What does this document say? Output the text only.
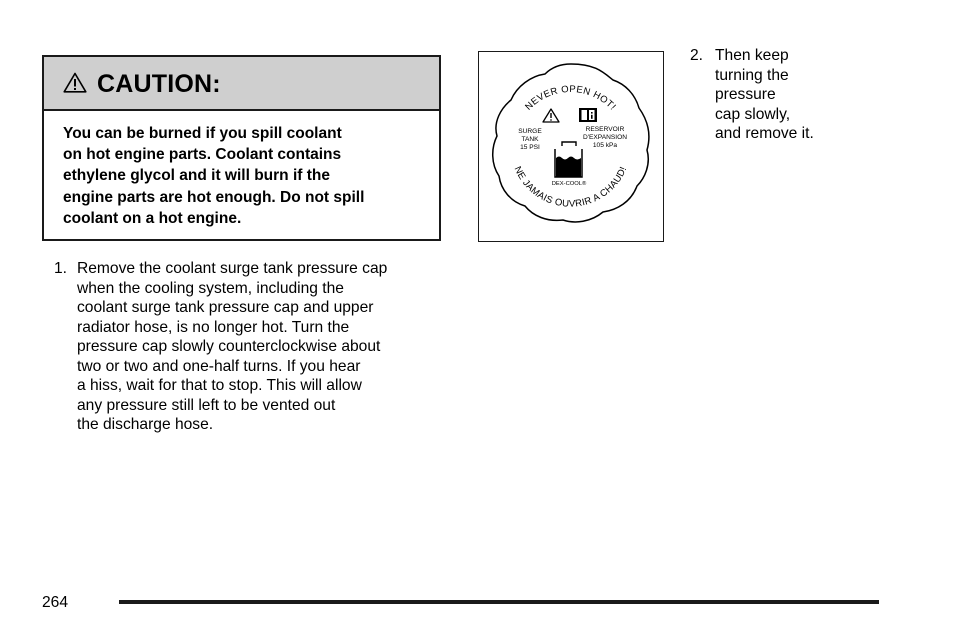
CAUTION:
You can be burned if you spill coolant
on hot engine parts. Coolant contains
ethylene glycol and it will burn if the
engine parts are hot enough. Do not spill
coolant on a hot engine.
1. Remove the coolant surge tank pressure cap
when the cooling system, including the
coolant surge tank pressure cap and upper
radiator hose, is no longer hot. Turn the
pressure cap slowly counterclockwise about
two or two and one-half turns. If you hear
a hiss, wait for that to stop. This will allow
any pressure still left to be vented out
the discharge hose.
NEVER OPEN HOT!
NE JAMAIS OUVRIR A CHAUD!
SURGE
TANK
15 PSI
RESERVOIR
D'EXPANSION
105 kPa
DEX-COOL®
2. Then keep
turning the
pressure
cap slowly,
and remove it.
264
